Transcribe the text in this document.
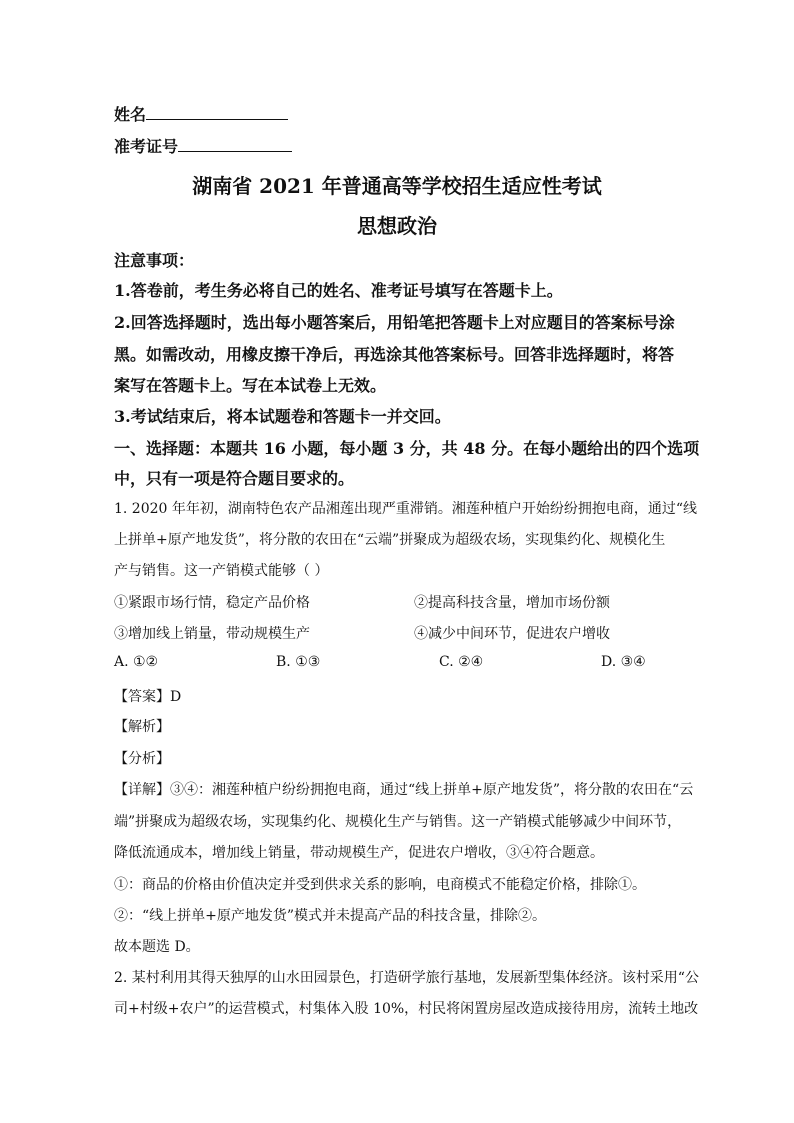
姓名
准考证号
湖南省 2021 年普通高等学校招生适应性考试
思想政治
注意事项：
1.答卷前，考生务必将自己的姓名、准考证号填写在答题卡上。
2.回答选择题时，选出每小题答案后，用铅笔把答题卡上对应题目的答案标号涂
黑。如需改动，用橡皮擦干净后，再选涂其他答案标号。回答非选择题时，将答
案写在答题卡上。写在本试卷上无效。
3.考试结束后，将本试题卷和答题卡一并交回。
一、选择题：本题共 16 小题，每小题 3 分，共 48 分。在每小题给出的四个选项
中，只有一项是符合题目要求的。
1. 2020 年年初，湖南特色农产品湘莲出现严重滞销。湘莲种植户开始纷纷拥抱电商，通过“线
上拼单+原产地发货”，将分散的农田在“云端”拼聚成为超级农场，实现集约化、规模化生
产与销售。这一产销模式能够（ ）
①紧跟市场行情，稳定产品价格	②提高科技含量，增加市场份额
③增加线上销量，带动规模生产	④减少中间环节，促进农户增收
A. ①②	B. ①③	C. ②④	D. ③④
【答案】D
【解析】
【分析】
【详解】③④：湘莲种植户纷纷拥抱电商，通过“线上拼单+原产地发货”，将分散的农田在“云
端”拼聚成为超级农场，实现集约化、规模化生产与销售。这一产销模式能够减少中间环节，
降低流通成本，增加线上销量，带动规模生产，促进农户增收，③④符合题意。
①：商品的价格由价值决定并受到供求关系的影响，电商模式不能稳定价格，排除①。
②：“线上拼单+原产地发货”模式并未提高产品的科技含量，排除②。
故本题选 D。
2. 某村利用其得天独厚的山水田园景色，打造研学旅行基地，发展新型集体经济。该村采用“公
司+村级+农户”的运营模式，村集体入股 10%，村民将闲置房屋改造成接待用房，流转土地改
